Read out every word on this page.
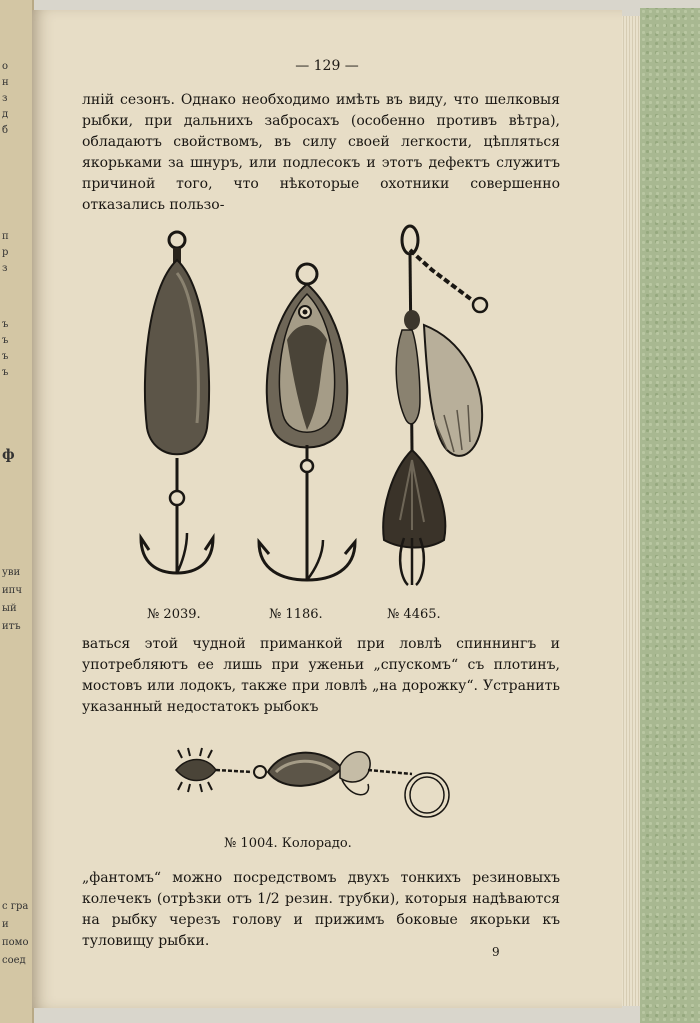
о
н
з
д
б
п
р
з
ъ
ъ
ъ
ъ
ф
уви
ипч
ый
итъ
с гра
и
помо
соед
— 129 —

лній сезонъ. Однако необходимо имѣть въ виду, что шелковыя рыбки, при дальнихъ забросахъ (особенно противъ вѣтра), обладаютъ свойствомъ, въ силу своей легкости, цѣпляться якорьками за шнуръ, или подлесокъ и этотъ дефектъ служитъ причиной того, что нѣкоторые охотники совершенно отказались пользо-

№ 2039.	№ 1186.	№ 4465.

ваться этой чудной приманкой при ловлѣ спиннингъ и употребляютъ ее лишь при уженьи „спускомъ“ съ плотинъ, мостовъ или лодокъ, также при ловлѣ „на дорожку“. Устранить указанный недостатокъ рыбокъ

№ 1004. Колорадо.

„фантомъ“ можно посредствомъ двухъ тонкихъ резиновыхъ колечекъ (отрѣзки отъ 1/2 резин. трубки), которыя надѣваются на рыбку черезъ голову и прижимъ боковые якорьки къ туловищу рыбки.

9
